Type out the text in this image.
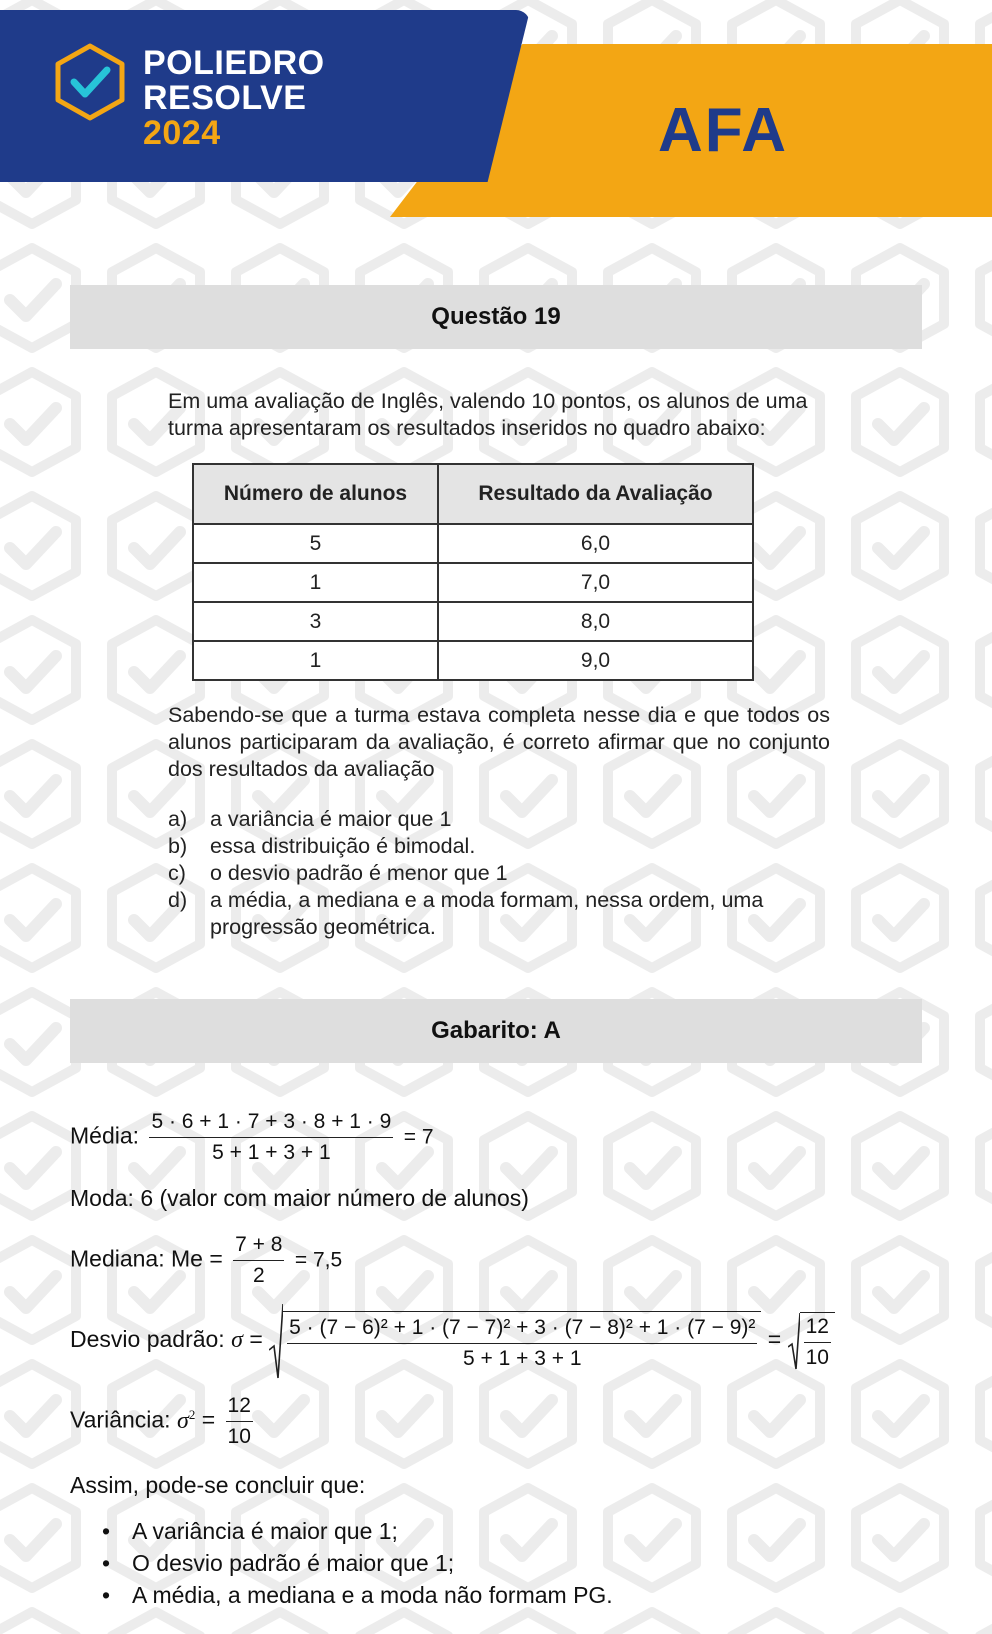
POLIEDRO
RESOLVE
2024	AFA
Questão 19
Em uma avaliação de Inglês, valendo 10 pontos, os alunos de uma turma apresentaram os resultados inseridos no quadro abaixo:
Número de alunos	Resultado da Avaliação
5	6,0
1	7,0
3	8,0
1	9,0
Sabendo-se que a turma estava completa nesse dia e que todos os alunos participaram da avaliação, é correto afirmar que no conjunto dos resultados da avaliação
a)	a variância é maior que 1
b)	essa distribuição é bimodal.
c)	o desvio padrão é menor que 1
d)	a média, a mediana e a moda formam, nessa ordem, uma progressão geométrica.
Gabarito: A
Média: $\frac{5 \cdot 6 + 1 \cdot 7 + 3 \cdot 8 + 1 \cdot 9}{5 + 1 + 3 + 1} = 7$
Moda: 6 (valor com maior número de alunos)
Mediana: $Me = \frac{7 + 8}{2} = 7,5$
Desvio padrão: $\sigma = \frac{\text{5 · (7 − 6)² + 1 · (7 − 7)² + 3 · (7 − 8)² + 1 · (7 − 9)²}}{5 + 1 + 3 + 1} = \frac{12}{10}$
Variância: $\sigma^2 = \frac{12}{10}$
Assim, pode-se concluir que:
• A variância é maior que 1;
• O desvio padrão é maior que 1;
• A média, a mediana e a moda não formam PG.
